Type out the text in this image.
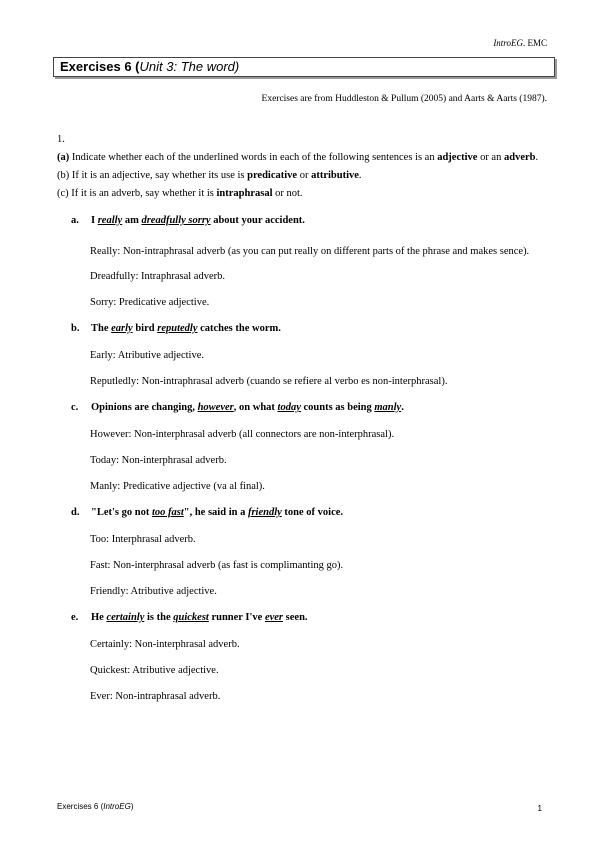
IntroEG. EMC
Exercises 6 (Unit 3: The word)
Exercises are from Huddleston & Pullum (2005) and Aarts & Aarts (1987).
1.

(a) Indicate whether each of the underlined words in each of the following sentences is an adjective or an adverb.

(b) If it is an adjective, say whether its use is predicative or attributive.

(c) If it is an adverb, say whether it is intraphrasal or not.

a. I really am dreadfully sorry about your accident.
Really: Non-intraphrasal adverb (as you can put really on different parts of the phrase and makes sence).
Dreadfully: Intraphrasal adverb.
Sorry: Predicative adjective.
b. The early bird reputedly catches the worm.
Early: Atributive adjective.
Reputledly: Non-intraphrasal adverb (cuando se refiere al verbo es non-interphrasal).
c. Opinions are changing, however, on what today counts as being manly.
However: Non-interphrasal adverb (all connectors are non-interphrasal).
Today: Non-interphrasal adverb.
Manly: Predicative adjective (va al final).
d. "Let's go not too fast", he said in a friendly tone of voice.
Too: Interphrasal adverb.
Fast: Non-interphrasal adverb (as fast is complimanting go).
Friendly: Atributive adjective.
e. He certainly is the quickest runner I've ever seen.
Certainly: Non-interphrasal adverb.
Quickest: Atributive adjective.
Ever: Non-intraphrasal adverb.
Exercises 6 (IntroEG)	1
